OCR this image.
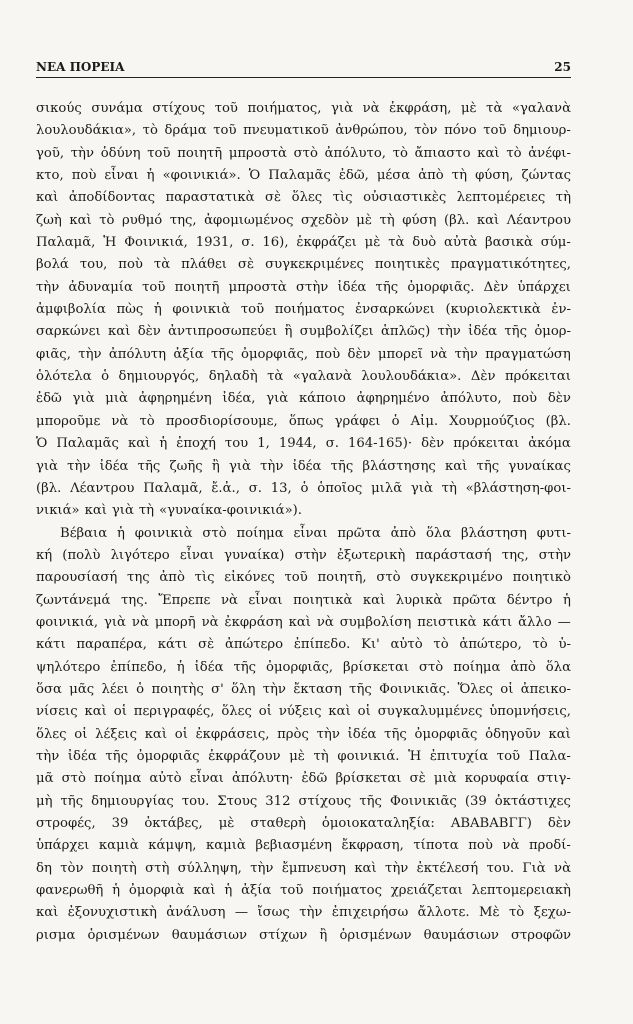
ΝΕΑ ΠΟΡΕΙΑ	25
σικούς συνάμα στίχους τοῦ ποιήματος, γιὰ νὰ ἐκφράση, μὲ τὰ «γαλανὰ
λουλουδάκια», τὸ δράμα τοῦ πνευματικοῦ ἀνθρώπου, τὸν πόνο τοῦ δημιουρ-
γοῦ, τὴν ὀδύνη τοῦ ποιητῆ μπροστὰ στὸ ἀπόλυτο, τὸ ἄπιαστο καὶ τὸ ἀνέφι-
κτο, ποὺ εἶναι ἡ «φοινικιά». Ὁ Παλαμᾶς ἐδῶ, μέσα ἀπὸ τὴ φύση, ζώντας
καὶ ἀποδίδοντας παραστατικὰ σὲ ὅλες τὶς οὐσιαστικὲς λεπτομέρειες τὴ
ζωὴ καὶ τὸ ρυθμό της, ἀφομιωμένος σχεδὸν μὲ τὴ φύση (βλ. καὶ Λέαντρου
Παλαμᾶ, Ἡ Φοινικιά, 1931, σ. 16), ἐκφράζει μὲ τὰ δυὸ αὐτὰ βασικὰ σύμ-
βολά του, ποὺ τὰ πλάθει σὲ συγκεκριμένες ποιητικὲς πραγματικότητες,
τὴν ἀδυναμία τοῦ ποιητῆ μπροστὰ στὴν ἰδέα τῆς ὀμορφιᾶς. Δὲν ὑπάρχει
ἀμφιβολία πὼς ἡ φοινικιὰ τοῦ ποιήματος ἐνσαρκώνει (κυριολεκτικὰ ἐν-
σαρκώνει καὶ δὲν ἀντιπροσωπεύει ἢ συμβολίζει ἁπλῶς) τὴν ἰδέα τῆς ὀμορ-
φιᾶς, τὴν ἀπόλυτη ἀξία τῆς ὀμορφιᾶς, ποὺ δὲν μπορεῖ νὰ τὴν πραγματώση
ὁλότελα ὁ δημιουργός, δηλαδὴ τὰ «γαλανὰ λουλουδάκια». Δὲν πρόκειται
ἐδῶ γιὰ μιὰ ἀφηρημένη ἰδέα, γιὰ κάποιο ἀφηρημένο ἀπόλυτο, ποὺ δὲν
μποροῦμε νὰ τὸ προσδιορίσουμε, ὅπως γράφει ὁ Αἰμ. Χουρμούζιος (βλ.
Ὁ Παλαμᾶς καὶ ἡ ἐποχή του 1, 1944, σ. 164-165)· δὲν πρόκειται ἀκόμα
γιὰ τὴν ἰδέα τῆς ζωῆς ἢ γιὰ τὴν ἰδέα τῆς βλάστησης καὶ τῆς γυναίκας
(βλ. Λέαντρου Παλαμᾶ, ἔ.ἀ., σ. 13, ὁ ὁποῖος μιλᾶ γιὰ τὴ «βλάστηση-φοι-
νικιά» καὶ γιὰ τὴ «γυναίκα-φοινικιά»).
Βέβαια ἡ φοινικιὰ στὸ ποίημα εἶναι πρῶτα ἀπὸ ὅλα βλάστηση φυτι-
κή (πολὺ λιγότερο εἶναι γυναίκα) στὴν ἐξωτερικὴ παράστασή της, στὴν
παρουσίασή της ἀπὸ τὶς εἰκόνες τοῦ ποιητῆ, στὸ συγκεκριμένο ποιητικὸ
ζωντάνεμά της. Ἔπρεπε νὰ εἶναι ποιητικὰ καὶ λυρικὰ πρῶτα δέντρο ἡ
φοινικιά, γιὰ νὰ μπορῆ νὰ ἐκφράση καὶ νὰ συμβολίση πειστικὰ κάτι ἄλλο —
κάτι παραπέρα, κάτι σὲ ἀπώτερο ἐπίπεδο. Κι' αὐτὸ τὸ ἀπώτερο, τὸ ὑ-
ψηλότερο ἐπίπεδο, ἡ ἰδέα τῆς ὀμορφιᾶς, βρίσκεται στὸ ποίημα ἀπὸ ὅλα
ὅσα μᾶς λέει ὁ ποιητὴς σ' ὅλη τὴν ἔκταση τῆς Φοινικιᾶς. Ὅλες οἱ ἀπεικο-
νίσεις καὶ οἱ περιγραφές, ὅλες οἱ νύξεις καὶ οἱ συγκαλυμμένες ὑπομνήσεις,
ὅλες οἱ λέξεις καὶ οἱ ἐκφράσεις, πρὸς τὴν ἰδέα τῆς ὀμορφιᾶς ὁδηγοῦν καὶ
τὴν ἰδέα τῆς ὀμορφιᾶς ἐκφράζουν μὲ τὴ φοινικιά. Ἡ ἐπιτυχία τοῦ Παλα-
μᾶ στὸ ποίημα αὐτὸ εἶναι ἀπόλυτη· ἐδῶ βρίσκεται σὲ μιὰ κορυφαία στιγ-
μὴ τῆς δημιουργίας του. Στους 312 στίχους τῆς Φοινικιᾶς (39 ὀκτάστιχες
στροφές, 39 ὀκτάβες, μὲ σταθερὴ ὁμοιοκαταληξία: ΑΒΑΒΑΒΓΓ) δὲν
ὑπάρχει καμιὰ κάμψη, καμιὰ βεβιασμένη ἔκφραση, τίποτα ποὺ νὰ προδί-
δη τὸν ποιητὴ στὴ σύλληψη, τὴν ἔμπνευση καὶ τὴν ἐκτέλεσή του. Γιὰ νὰ
φανερωθῆ ἡ ὀμορφιὰ καὶ ἡ ἀξία τοῦ ποιήματος χρειάζεται λεπτομερειακὴ
καὶ ἐξονυχιστικὴ ἀνάλυση — ἴσως τὴν ἐπιχειρήσω ἄλλοτε. Μὲ τὸ ξεχω-
ρισμα ὁρισμένων θαυμάσιων στίχων ἢ ὁρισμένων θαυμάσιων στροφῶν
